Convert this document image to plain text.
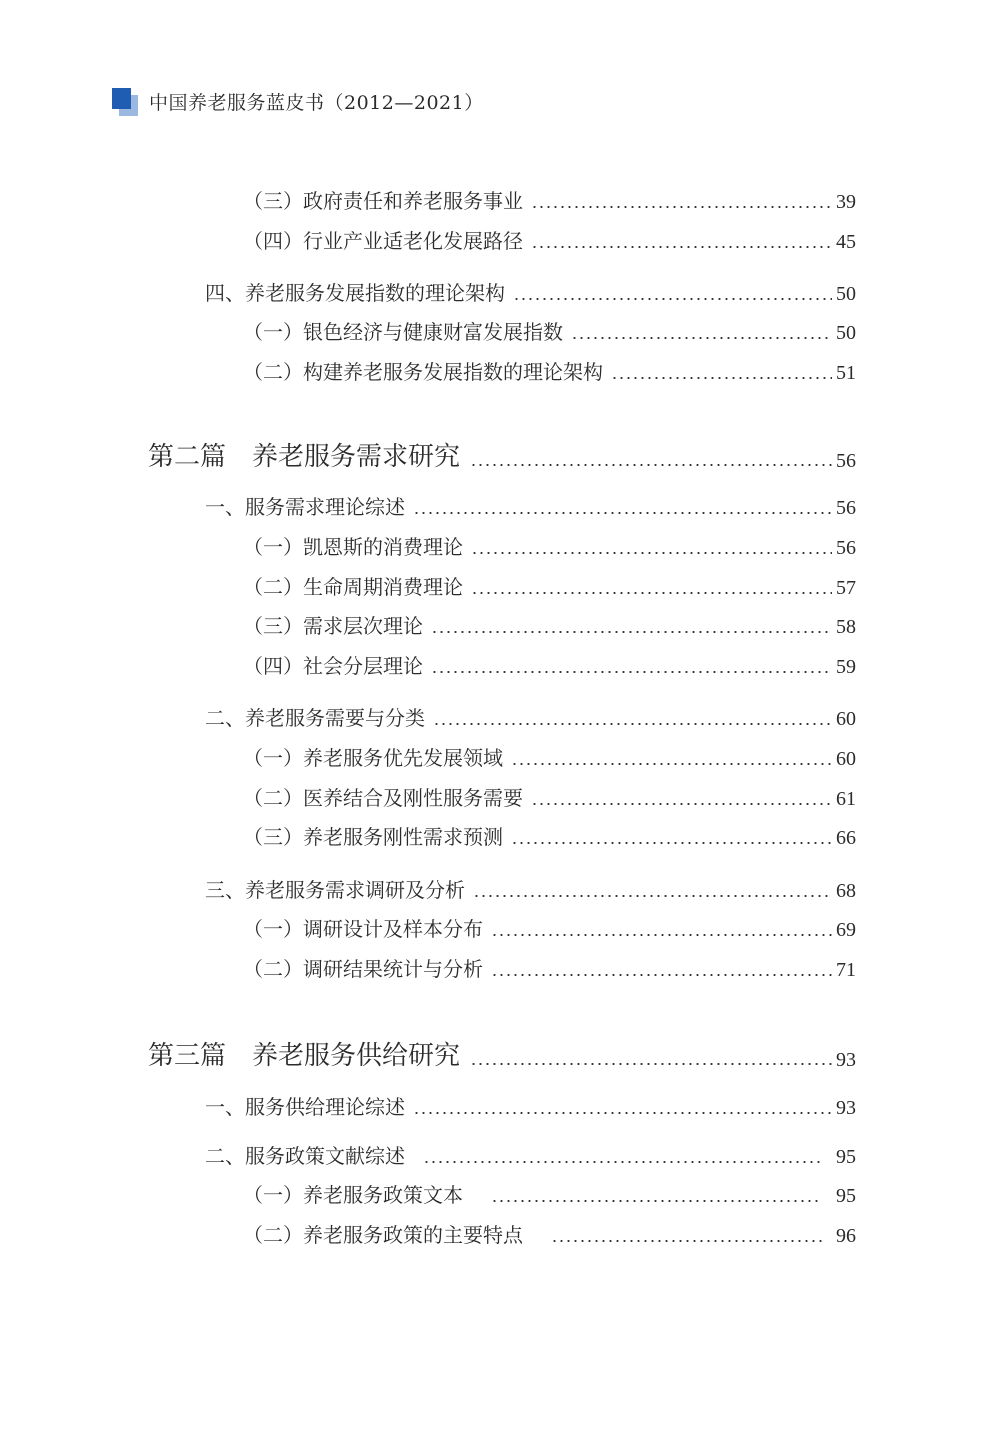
中国养老服务蓝皮书（2012—2021）
（三）政府责任和养老服务事业	39
（四）行业产业适老化发展路径	45
四、养老服务发展指数的理论架构	50
（一）银色经济与健康财富发展指数	50
（二）构建养老服务发展指数的理论架构	51
第二篇 养老服务需求研究	56
一、服务需求理论综述	56
（一）凯恩斯的消费理论	56
（二）生命周期消费理论	57
（三）需求层次理论	58
（四）社会分层理论	59
二、养老服务需要与分类	60
（一）养老服务优先发展领域	60
（二）医养结合及刚性服务需要	61
（三）养老服务刚性需求预测	66
三、养老服务需求调研及分析	68
（一）调研设计及样本分布	69
（二）调研结果统计与分析	71
第三篇 养老服务供给研究	93
一、服务供给理论综述	93
二、服务政策文献综述	95
（一）养老服务政策文本	95
（二）养老服务政策的主要特点	96
